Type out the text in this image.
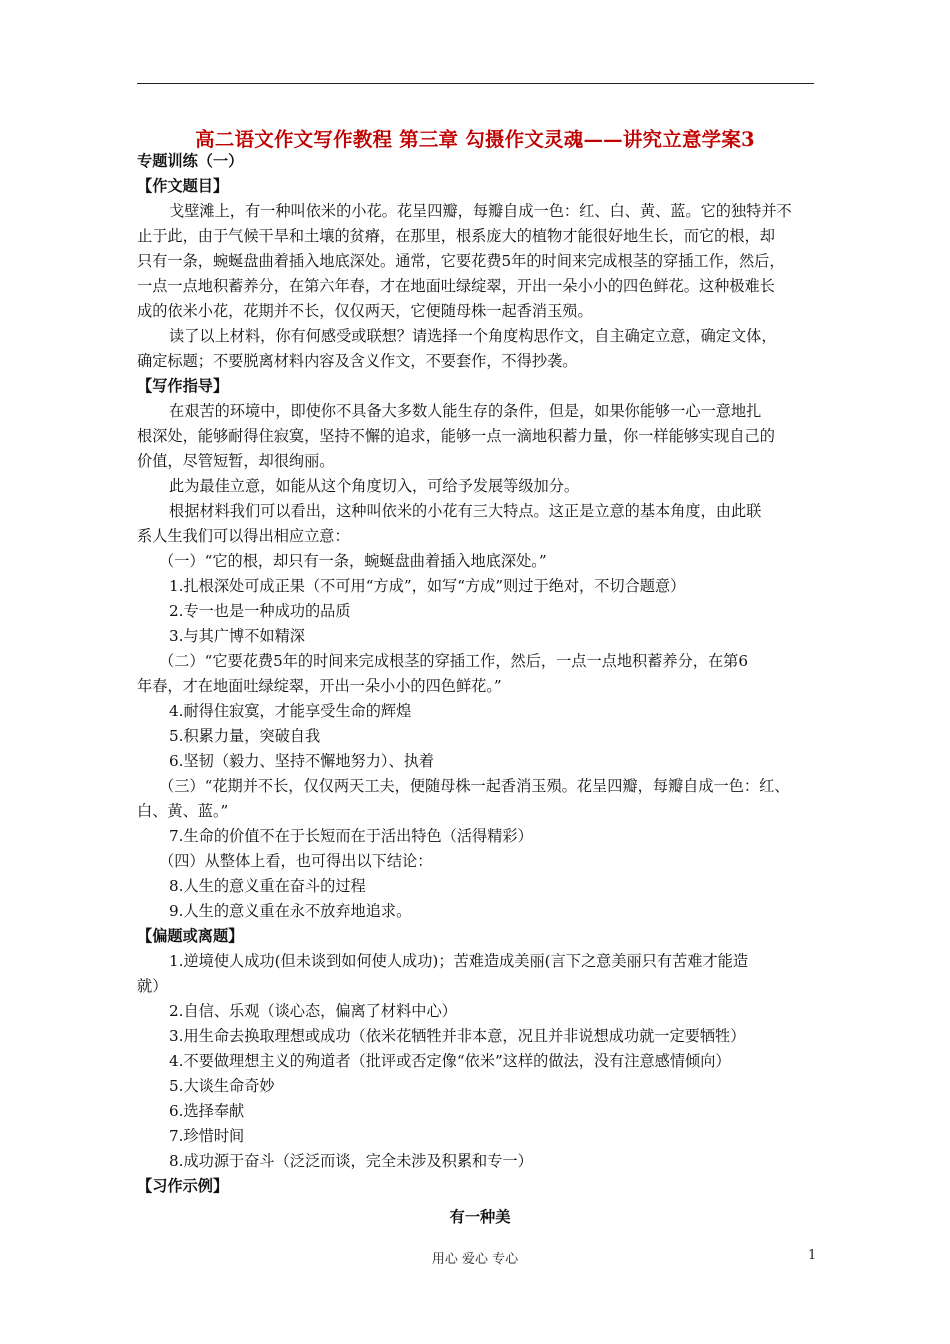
高二语文作文写作教程 第三章 勾摄作文灵魂——讲究立意学案3
专题训练（一）
【作文题目】
戈壁滩上，有一种叫依米的小花。花呈四瓣，每瓣自成一色：红、白、黄、蓝。它的独特并不
止于此，由于气候干旱和土壤的贫瘠，在那里，根系庞大的植物才能很好地生长，而它的根，却
只有一条，蜿蜒盘曲着插入地底深处。通常，它要花费5年的时间来完成根茎的穿插工作，然后，
一点一点地积蓄养分，在第六年春，才在地面吐绿绽翠，开出一朵小小的四色鲜花。这种极难长
成的依米小花，花期并不长，仅仅两天，它便随母株一起香消玉殒。
读了以上材料，你有何感受或联想？请选择一个角度构思作文，自主确定立意，确定文体，
确定标题；不要脱离材料内容及含义作文，不要套作，不得抄袭。
【写作指导】
在艰苦的环境中，即使你不具备大多数人能生存的条件，但是，如果你能够一心一意地扎
根深处，能够耐得住寂寞，坚持不懈的追求，能够一点一滴地积蓄力量，你一样能够实现自己的
价值，尽管短暂，却很绚丽。
此为最佳立意，如能从这个角度切入，可给予发展等级加分。
根据材料我们可以看出，这种叫依米的小花有三大特点。这正是立意的基本角度，由此联
系人生我们可以得出相应立意：
（一）“它的根，却只有一条，蜿蜒盘曲着插入地底深处。”
1.扎根深处可成正果（不可用“方成”，如写“方成”则过于绝对，不切合题意）
2.专一也是一种成功的品质
3.与其广博不如精深
（二）“它要花费5年的时间来完成根茎的穿插工作，然后，一点一点地积蓄养分，在第6
年春，才在地面吐绿绽翠，开出一朵小小的四色鲜花。”
4.耐得住寂寞，才能享受生命的辉煌
5.积累力量，突破自我
6.坚韧（毅力、坚持不懈地努力）、执着
（三）“花期并不长，仅仅两天工夫，便随母株一起香消玉殒。花呈四瓣，每瓣自成一色：红、
白、黄、蓝。”
7.生命的价值不在于长短而在于活出特色（活得精彩）
（四）从整体上看，也可得出以下结论：
8.人生的意义重在奋斗的过程
9.人生的意义重在永不放弃地追求。
【偏题或离题】
1.逆境使人成功(但未谈到如何使人成功)；苦难造成美丽(言下之意美丽只有苦难才能造
就）
2.自信、乐观（谈心态，偏离了材料中心）
3.用生命去换取理想或成功（依米花牺牲并非本意，况且并非说想成功就一定要牺牲）
4.不要做理想主义的殉道者（批评或否定像“依米”这样的做法，没有注意感情倾向）
5.大谈生命奇妙
6.选择奉献
7.珍惜时间
8.成功源于奋斗（泛泛而谈，完全未涉及积累和专一）
【习作示例】
有一种美
用心 爱心 专心	1
